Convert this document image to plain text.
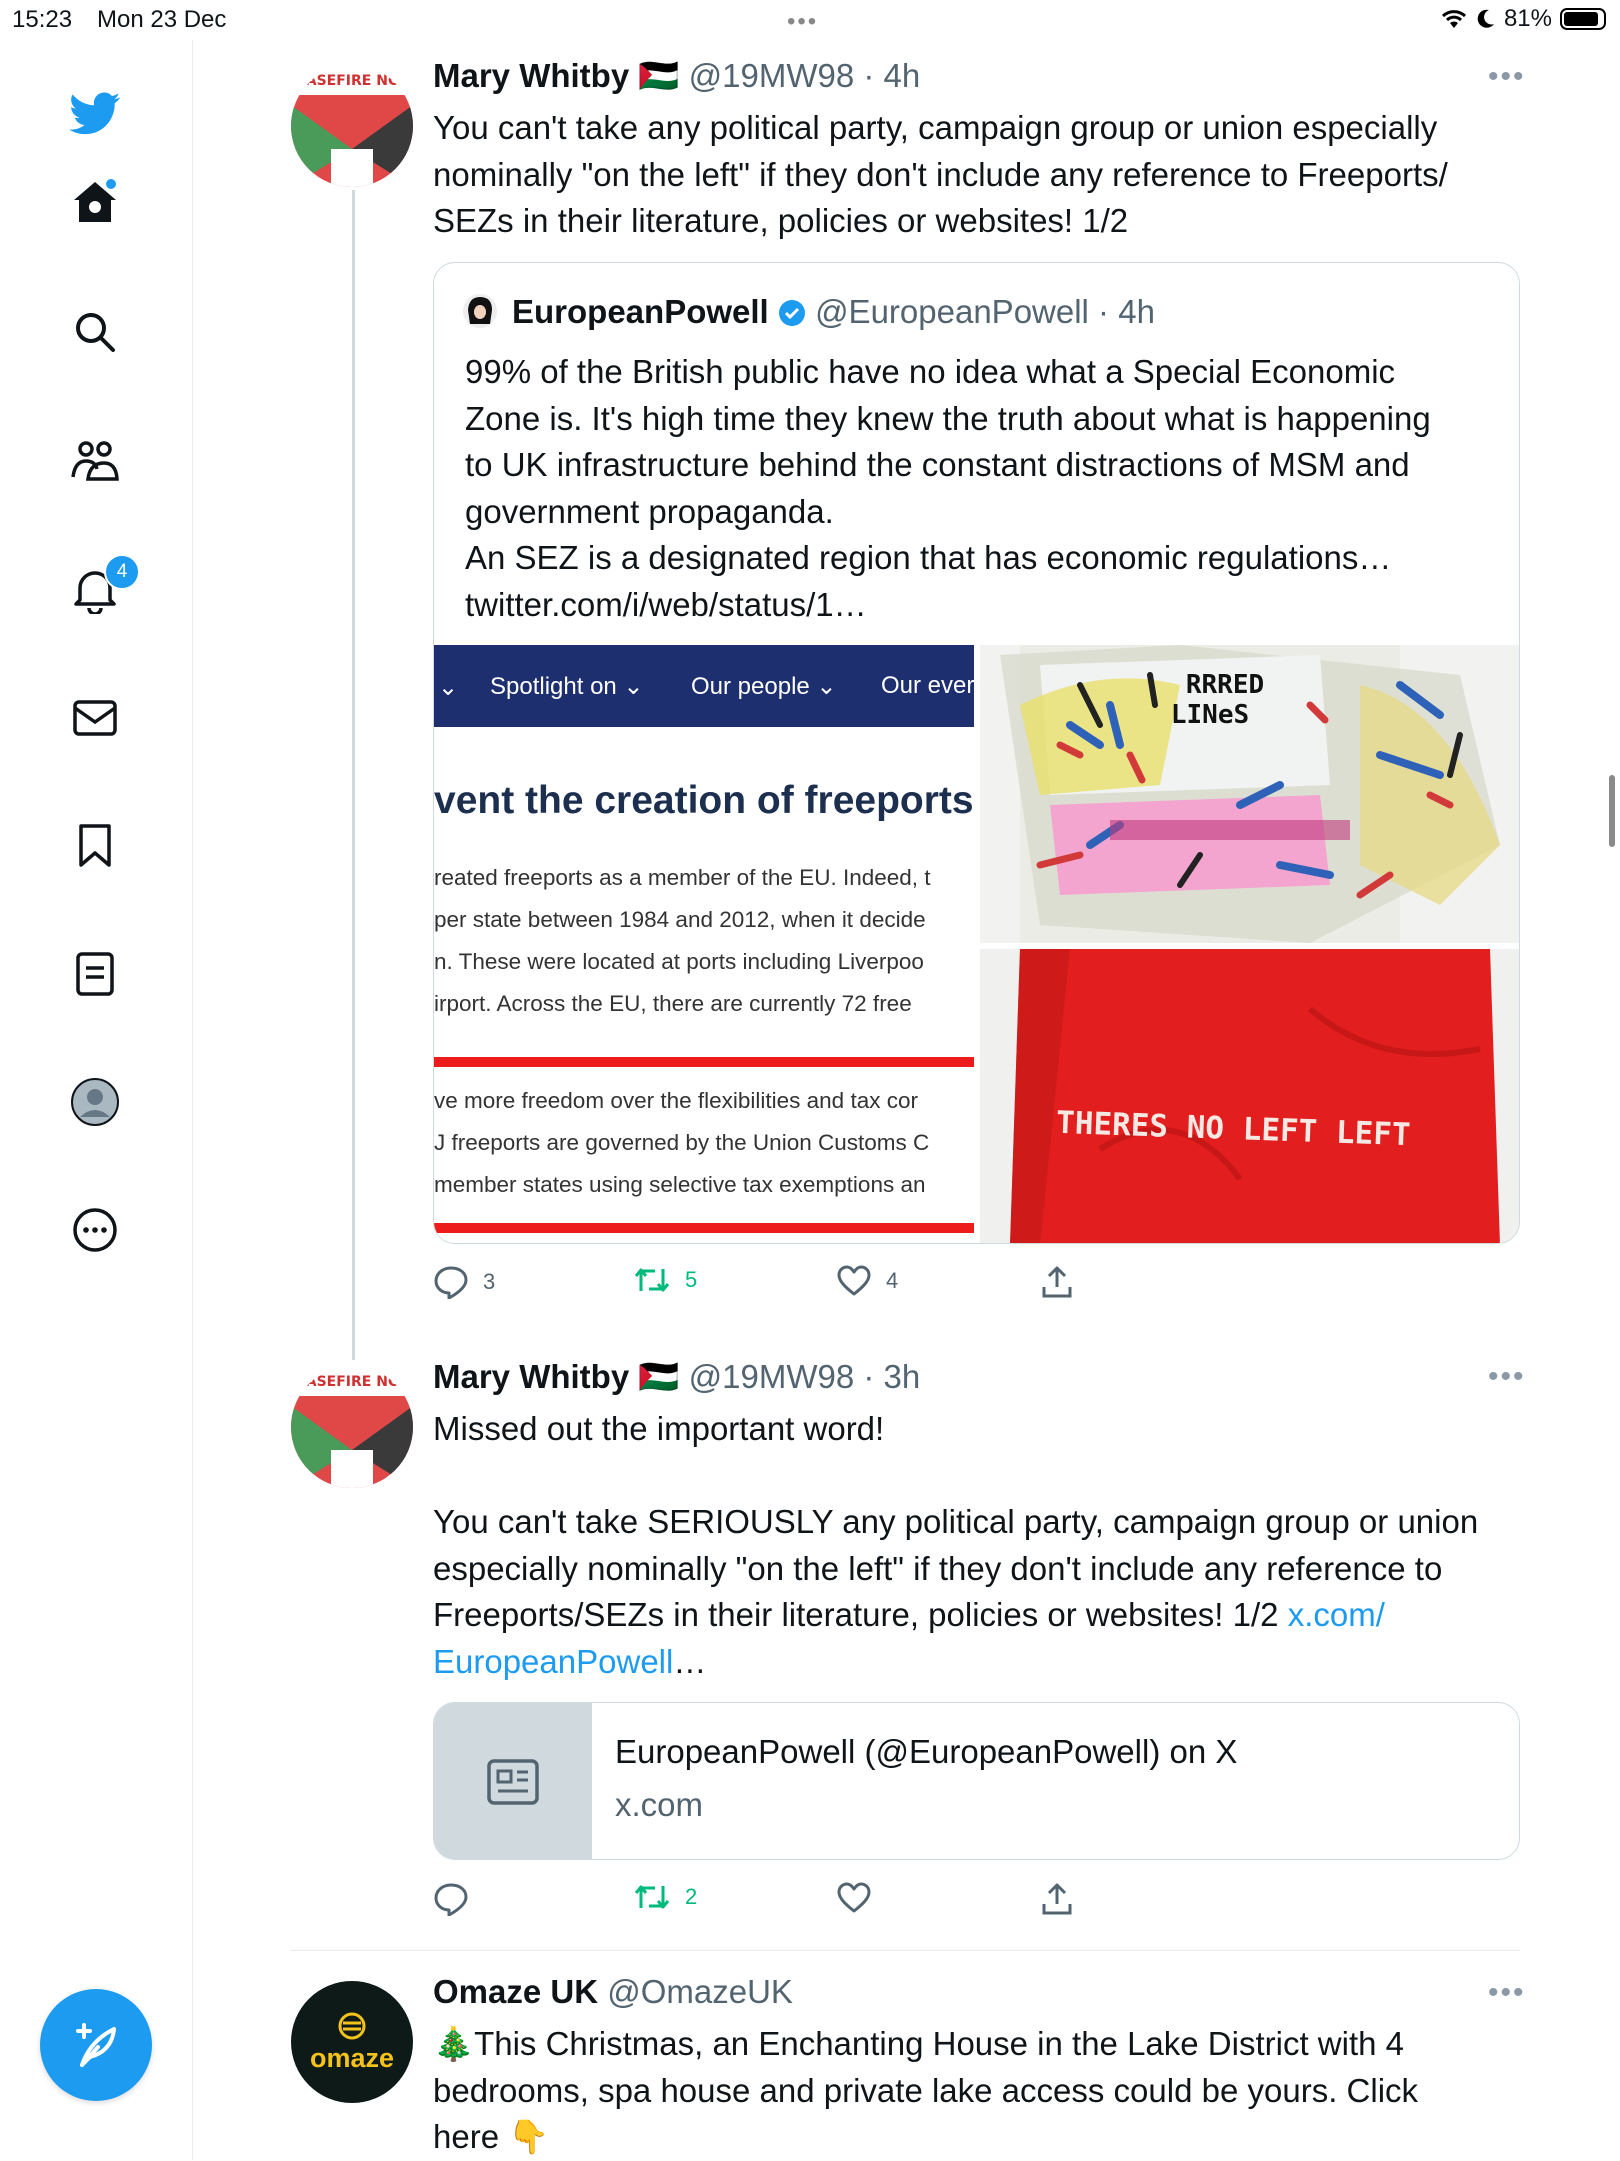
15:23 Mon 23 Dec	•••	81%
4
ASEFIRE NC Mary Whitby 🇵🇸 @19MW98 · 4h	•••
You can't take any political party, campaign group or union especially
nominally "on the left" if they don't include any reference to Freeports/
SEZs in their literature, policies or websites! 1/2
EuropeanPowell @EuropeanPowell · 4h
99% of the British public have no idea what a Special Economic
Zone is. It's high time they knew the truth about what is happening
to UK infrastructure behind the constant distractions of MSM and
government propaganda.
An SEZ is a designated region that has economic regulations…
twitter.com/i/web/status/1…
⌄ Spotlight on ⌄ Our people ⌄ Our ever
vent the creation of freeports
reated freeports as a member of the EU. Indeed, t
per state between 1984 and 2012, when it decide
n. These were located at ports including Liverpoo
irport. Across the EU, there are currently 72 free
ve more freedom over the flexibilities and tax cor
J freeports are governed by the Union Customs C
member states using selective tax exemptions an
RRRED
LINeS
THERES NO LEFT LEFT
3	5	4
ASEFIRE NC Mary Whitby 🇵🇸 @19MW98 · 3h	•••
Missed out the important word!
You can't take SERIOUSLY any political party, campaign group or union
especially nominally "on the left" if they don't include any reference to
Freeports/SEZs in their literature, policies or websites! 1/2 x.com/
EuropeanPowell…
EuropeanPowell (@EuropeanPowell) on X
x.com
2
omaze
Omaze UK @OmazeUK	•••
🎄This Christmas, an Enchanting House in the Lake District with 4
bedrooms, spa house and private lake access could be yours. Click
here 👇
